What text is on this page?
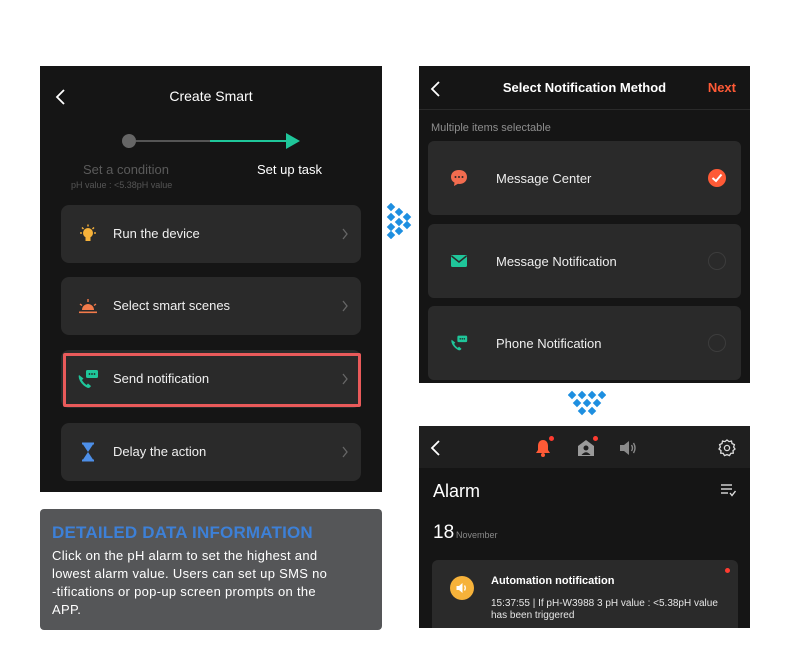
Create Smart
Set a condition
pH value : <5.38pH value
Set up task
Run the device
Select smart scenes
Send notification
Delay the action
DETAILED DATA INFORMATION
Click on the pH alarm to set the highest and
lowest alarm value. Users can set up SMS no
-tifications or pop-up screen prompts on the
APP.
Select Notification Method	Next
Multiple items selectable
Message Center
Message Notification
Phone Notification
Alarm
18 November
Automation notification
15:37:55 | If pH-W3988 3 pH value : <5.38pH value has been triggered
